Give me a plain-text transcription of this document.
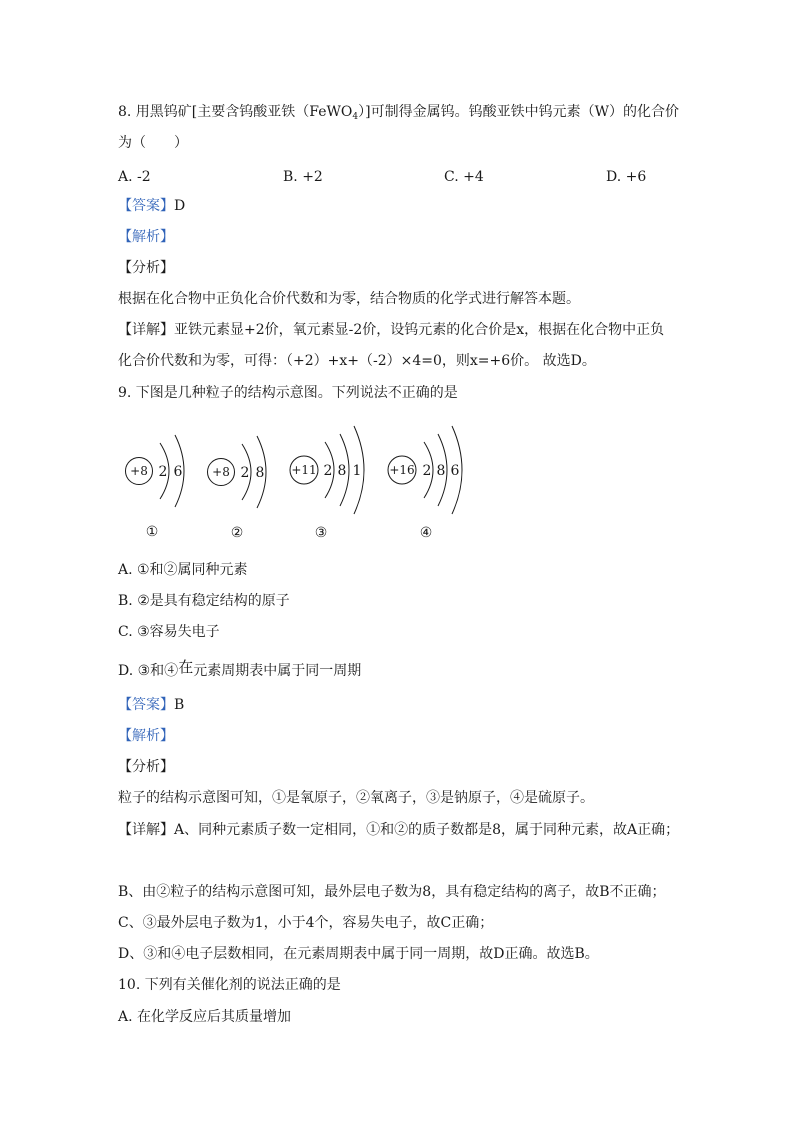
8. 用黑钨矿[主要含钨酸亚铁（FeWO$_4$）]可制得金属钨。钨酸亚铁中钨元素（W）的化合价
为（　　）
A. -2	B. +2	C. +4	D. +6
【答案】D
【解析】
【分析】
根据在化合物中正负化合价代数和为零，结合物质的化学式进行解答本题。
【详解】亚铁元素显+2价，氧元素显-2价，设钨元素的化合价是x，根据在化合物中正负
化合价代数和为零，可得：（+2）+x+（-2）×4=0，则x=+6价。 故选D。
9. 下图是几种粒子的结构示意图。下列说法不正确的是
+8 2 6
①
+8 2 8
②
+11 2 8 1
③
+16 2 8 6
④
A. ①和②属同种元素
B. ②是具有稳定结构的原子
C. ③容易失电子
D. ③和④在元素周期表中属于同一周期
【答案】B
【解析】
【分析】
粒子的结构示意图可知，①是氧原子，②氧离子，③是钠原子，④是硫原子。
【详解】A、同种元素质子数一定相同，①和②的质子数都是8，属于同种元素，故A正确；
B、由②粒子的结构示意图可知，最外层电子数为8，具有稳定结构的离子，故B不正确；
C、③最外层电子数为1，小于4个，容易失电子，故C正确；
D、③和④电子层数相同，在元素周期表中属于同一周期，故D正确。故选B。
10. 下列有关催化剂的说法正确的是
A. 在化学反应后其质量增加
